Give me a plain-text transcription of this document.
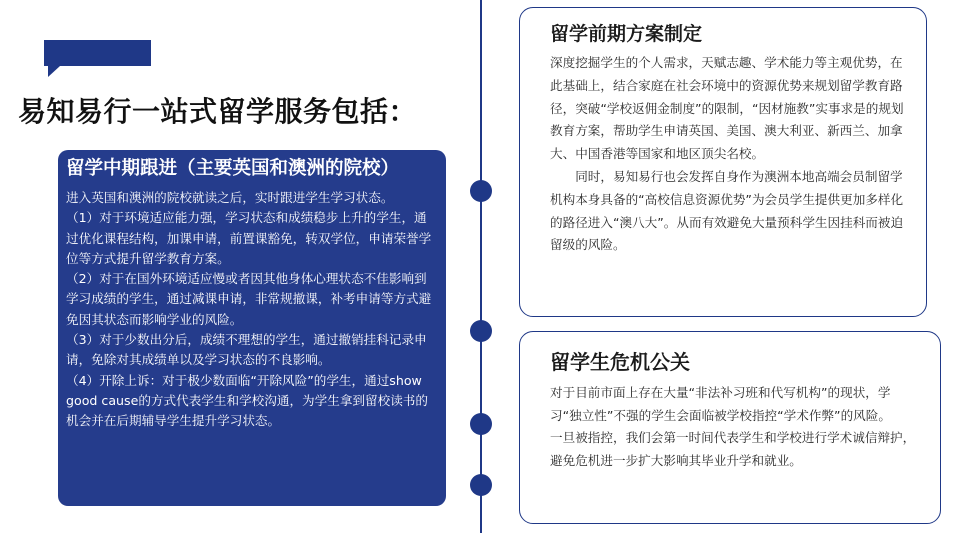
易知易行一站式留学服务包括：
留学中期跟进（主要英国和澳洲的院校）

进入英国和澳洲的院校就读之后，实时跟进学生学习状态。

（1）对于环境适应能力强，学习状态和成绩稳步上升的学生，通过优化课程结构，加课申请，前置课豁免，转双学位，申请荣誉学位等方式提升留学教育方案。

（2）对于在国外环境适应慢或者因其他身体心理状态不佳影响到学习成绩的学生，通过减课申请，非常规撤课，补考申请等方式避免因其状态而影响学业的风险。

（3）对于少数出分后，成绩不理想的学生，通过撤销挂科记录申请，免除对其成绩单以及学习状态的不良影响。

（4）开除上诉：对于极少数面临“开除风险”的学生，通过show good cause的方式代表学生和学校沟通，为学生拿到留校读书的机会并在后期辅导学生提升学习状态。

留学前期方案制定

深度挖掘学生的个人需求，天赋志趣、学术能力等主观优势，在此基础上，结合家庭在社会环境中的资源优势来规划留学教育路径，突破“学校返佣金制度”的限制，“因材施教”实事求是的规划教育方案，帮助学生申请英国、美国、澳大利亚、新西兰、加拿大、中国香港等国家和地区顶尖名校。

同时，易知易行也会发挥自身作为澳洲本地高端会员制留学机构本身具备的“高校信息资源优势”为会员学生提供更加多样化的路径进入“澳八大”。从而有效避免大量预科学生因挂科而被迫留级的风险。

留学生危机公关

对于目前市面上存在大量“非法补习班和代写机构”的现状，学习“独立性”不强的学生会面临被学校指控“学术作弊”的风险。

一旦被指控，我们会第一时间代表学生和学校进行学术诚信辩护，避免危机进一步扩大影响其毕业升学和就业。
